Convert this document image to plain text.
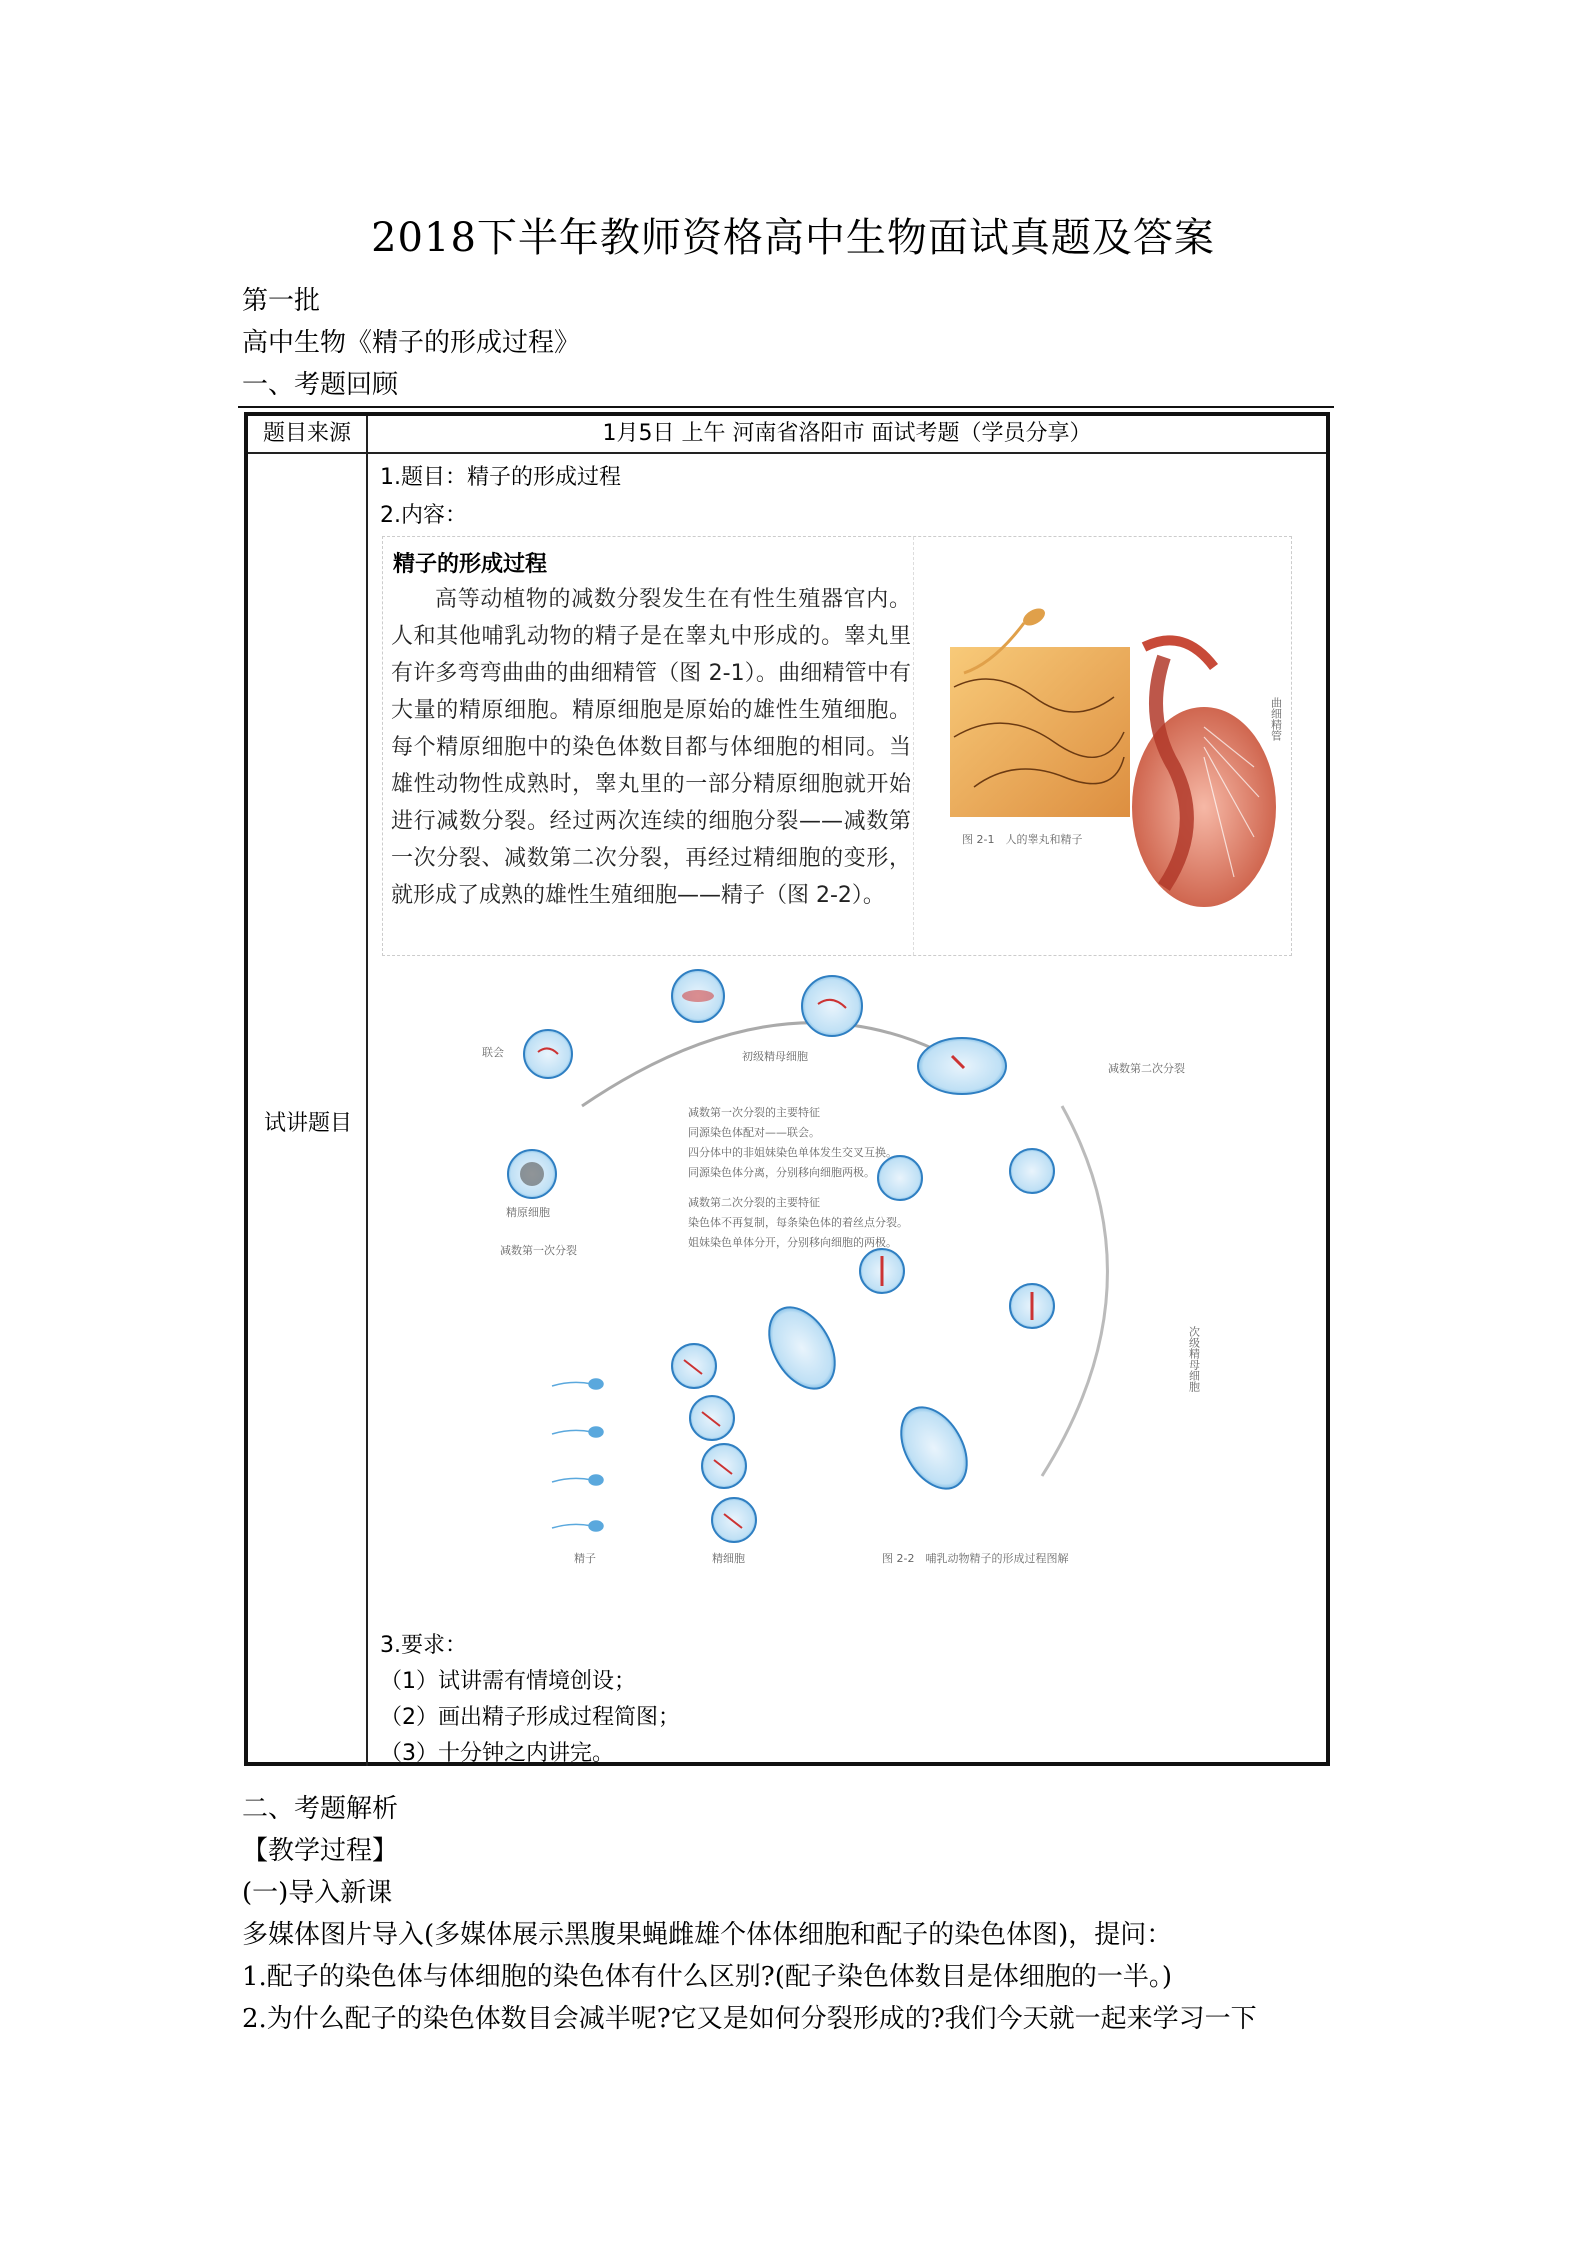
2018下半年教师资格高中生物面试真题及答案
第一批
高中生物《精子的形成过程》
一、考题回顾
题目来源	1月5日 上午 河南省洛阳市 面试考题（学员分享）
试讲题目
1.题目：精子的形成过程
2.内容：
精子的形成过程
高等动植物的减数分裂发生在有性生殖器官内。人和其他哺乳动物的精子是在睾丸中形成的。睾丸里有许多弯弯曲曲的曲细精管（图 2-1）。曲细精管中有大量的精原细胞。精原细胞是原始的雄性生殖细胞。每个精原细胞中的染色体数目都与体细胞的相同。当雄性动物性成熟时，睾丸里的一部分精原细胞就开始进行减数分裂。经过两次连续的细胞分裂——减数第一次分裂、减数第二次分裂，再经过精细胞的变形，就形成了成熟的雄性生殖细胞——精子（图 2-2）。
曲细精管
图 2-1　人的睾丸和精子
联会	初级精母细胞
精原细胞
减数第一次分裂
减数第二次分裂
次级精母细胞
精子	精细胞	图 2-2　哺乳动物精子的形成过程图解
减数第一次分裂的主要特征
同源染色体配对——联会。
四分体中的非姐妹染色单体发生交叉互换。
同源染色体分离，分别移向细胞两极。
减数第二次分裂的主要特征
染色体不再复制，每条染色体的着丝点分裂。
姐妹染色单体分开，分别移向细胞的两极。
3.要求：
（1）试讲需有情境创设；
（2）画出精子形成过程简图；
（3）十分钟之内讲完。
二、考题解析
【教学过程】
(一)导入新课
多媒体图片导入(多媒体展示黑腹果蝇雌雄个体体细胞和配子的染色体图)，提问：
1.配子的染色体与体细胞的染色体有什么区别?(配子染色体数目是体细胞的一半。)
2.为什么配子的染色体数目会减半呢?它又是如何分裂形成的?我们今天就一起来学习一下
